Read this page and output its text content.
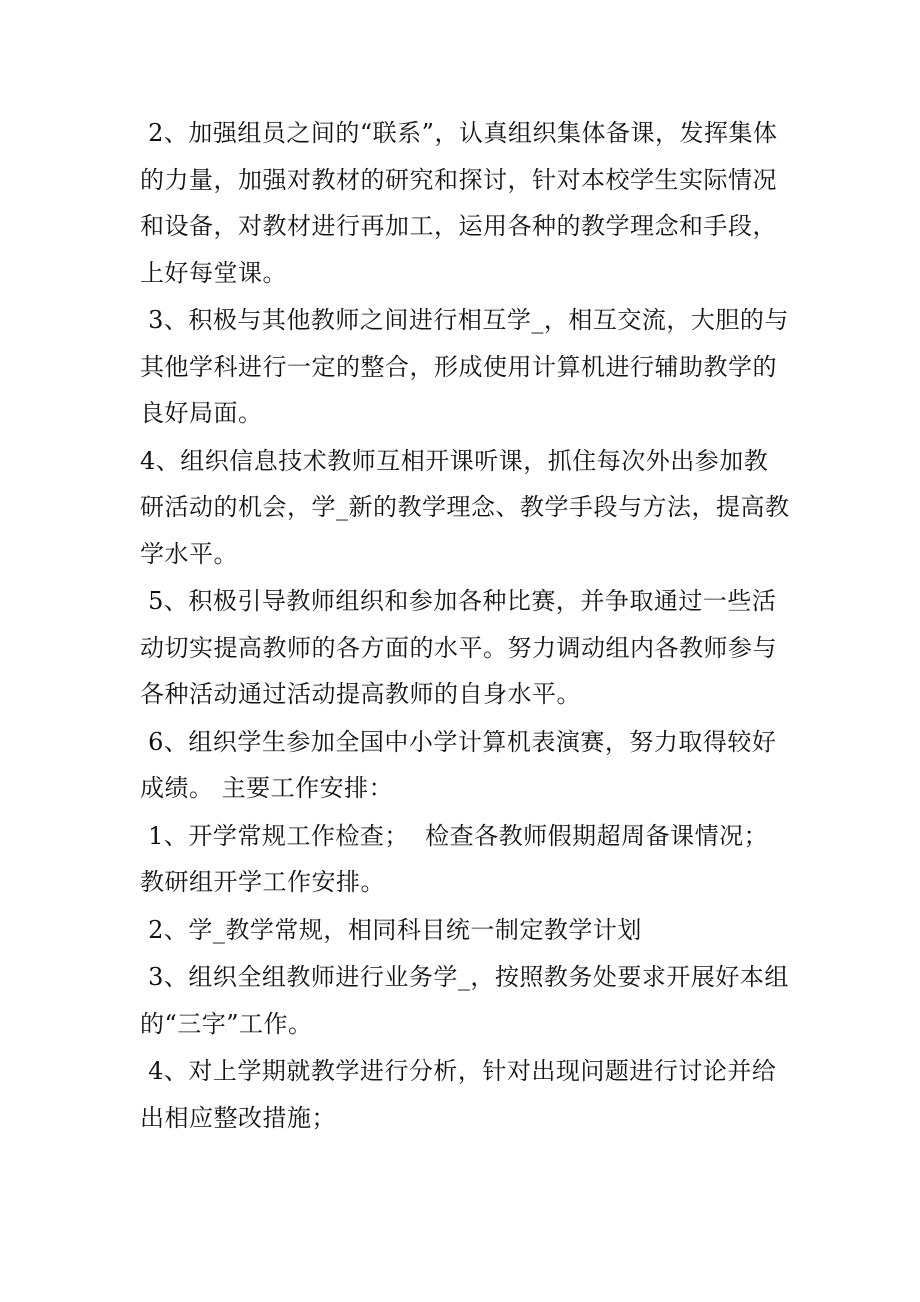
2、加强组员之间的“联系”，认真组织集体备课，发挥集体的力量，加强对教材的研究和探讨，针对本校学生实际情况和设备，对教材进行再加工，运用各种的教学理念和手段，上好每堂课。

3、积极与其他教师之间进行相互学_，相互交流，大胆的与其他学科进行一定的整合，形成使用计算机进行辅助教学的良好局面。

4、组织信息技术教师互相开课听课，抓住每次外出参加教研活动的机会，学_新的教学理念、教学手段与方法，提高教学水平。

5、积极引导教师组织和参加各种比赛，并争取通过一些活动切实提高教师的各方面的水平。努力调动组内各教师参与各种活动通过活动提高教师的自身水平。

6、组织学生参加全国中小学计算机表演赛，努力取得较好成绩。 主要工作安排：

1、开学常规工作检查；  检查各教师假期超周备课情况；教研组开学工作安排。

2、学_教学常规，相同科目统一制定教学计划

3、组织全组教师进行业务学_，按照教务处要求开展好本组的“三字”工作。

4、对上学期就教学进行分析，针对出现问题进行讨论并给出相应整改措施；
